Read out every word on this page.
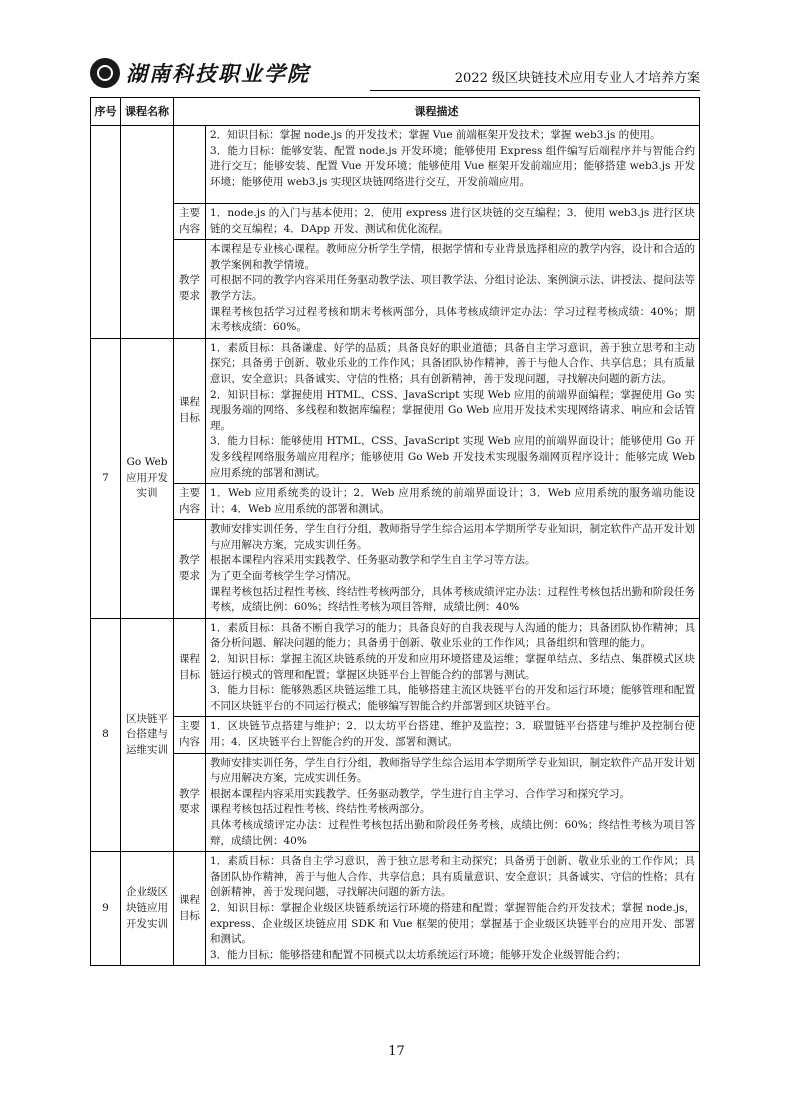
湖南科技职业学院	2022 级区块链技术应用专业人才培养方案
序号	课程名称	课程描述	
			2．知识目标：掌握 node.js 的开发技术；掌握 Vue 前端框架开发技术；掌握 web3.js 的使用。
3．能力目标：能够安装、配置 node.js 开发环境；能够使用 Express 组件编写后端程序并与智能合约进行交互；能够安装、配置 Vue 开发环境；能够使用 Vue 框架开发前端应用；能够搭建 web3.js 开发环境；能够使用 web3.js 实现区块链网络进行交互，开发前端应用。
		主要内容	1．node.js 的入门与基本使用；2．使用 express 进行区块链的交互编程；3．使用 web3.js 进行区块链的交互编程；4．DApp 开发、测试和优化流程。
		教学要求	本课程是专业核心课程。教师应分析学生学情，根据学情和专业背景选择相应的教学内容，设计和合适的教学案例和教学情境。
可根据不同的教学内容采用任务驱动教学法、项目教学法、分组讨论法、案例演示法、讲授法、提问法等教学方法。
课程考核包括学习过程考核和期末考核两部分，具体考核成绩评定办法：学习过程考核成绩：40%；期末考核成绩：60%。
7	Go Web 应用开发实训	课程目标	1．素质目标：具备谦虚、好学的品质；具备良好的职业道德；具备自主学习意识，善于独立思考和主动探究；具备勇于创新、敬业乐业的工作作风；具备团队协作精神，善于与他人合作、共享信息；具有质量意识、安全意识；具备诚实、守信的性格；具有创新精神，善于发现问题，寻找解决问题的新方法。
2．知识目标：掌握使用 HTML、CSS、JavaScript 实现 Web 应用的前端界面编程；掌握使用 Go 实现服务端的网络、多线程和数据库编程；掌握使用 Go Web 应用开发技术实现网络请求、响应和会话管理。
3．能力目标：能够使用 HTML、CSS、JavaScript 实现 Web 应用的前端界面设计；能够使用 Go 开发多线程网络服务端应用程序；能够使用 Go Web 开发技术实现服务端网页程序设计；能够完成 Web 应用系统的部署和测试。
		主要内容	1．Web 应用系统类的设计；2．Web 应用系统的前端界面设计；3．Web 应用系统的服务端功能设计；4．Web 应用系统的部署和测试。
		教学要求	教师安排实训任务，学生自行分组，教师指导学生综合运用本学期所学专业知识，制定软件产品开发计划与应用解决方案，完成实训任务。
根据本课程内容采用实践教学、任务驱动教学和学生自主学习等方法。
为了更全面考核学生学习情况。
课程考核包括过程性考核、终结性考核两部分，具体考核成绩评定办法：过程性考核包括出勤和阶段任务考核，成绩比例：60%；终结性考核为项目答辩，成绩比例：40%
8	区块链平台搭建与运维实训	课程目标	1．素质目标：具备不断自我学习的能力；具备良好的自我表现与人沟通的能力；具备团队协作精神；具备分析问题、解决问题的能力；具备勇于创新、敬业乐业的工作作风；具备组织和管理的能力。
2．知识目标：掌握主流区块链系统的开发和应用环境搭建及运维；掌握单结点、多结点、集群模式区块链运行模式的管理和配置；掌握区块链平台上智能合约的部署与测试。
3．能力目标：能够熟悉区块链运维工具，能够搭建主流区块链平台的开发和运行环境；能够管理和配置不同区块链平台的不同运行模式；能够编写智能合约并部署到区块链平台。
		主要内容	1．区块链节点搭建与维护；2．以太坊平台搭建、维护及监控；3．联盟链平台搭建与维护及控制台使用；4．区块链平台上智能合约的开发、部署和测试。
		教学要求	教师安排实训任务，学生自行分组，教师指导学生综合运用本学期所学专业知识，制定软件产品开发计划与应用解决方案，完成实训任务。
根据本课程内容采用实践教学、任务驱动教学，学生进行自主学习、合作学习和探究学习。
课程考核包括过程性考核、终结性考核两部分。
具体考核成绩评定办法：过程性考核包括出勤和阶段任务考核，成绩比例：60%；终结性考核为项目答辩，成绩比例：40%
9	企业级区块链应用开发实训	课程目标	1．素质目标：具备自主学习意识，善于独立思考和主动探究；具备勇于创新、敬业乐业的工作作风；具备团队协作精神，善于与他人合作、共享信息；具有质量意识、安全意识；具备诚实、守信的性格；具有创新精神，善于发现问题，寻找解决问题的新方法。
2．知识目标：掌握企业级区块链系统运行环境的搭建和配置；掌握智能合约开发技术；掌握 node.js，express、企业级区块链应用 SDK 和 Vue 框架的使用；掌握基于企业级区块链平台的应用开发、部署和测试。
3．能力目标：能够搭建和配置不同模式以太坊系统运行环境；能够开发企业级智能合约；
17
